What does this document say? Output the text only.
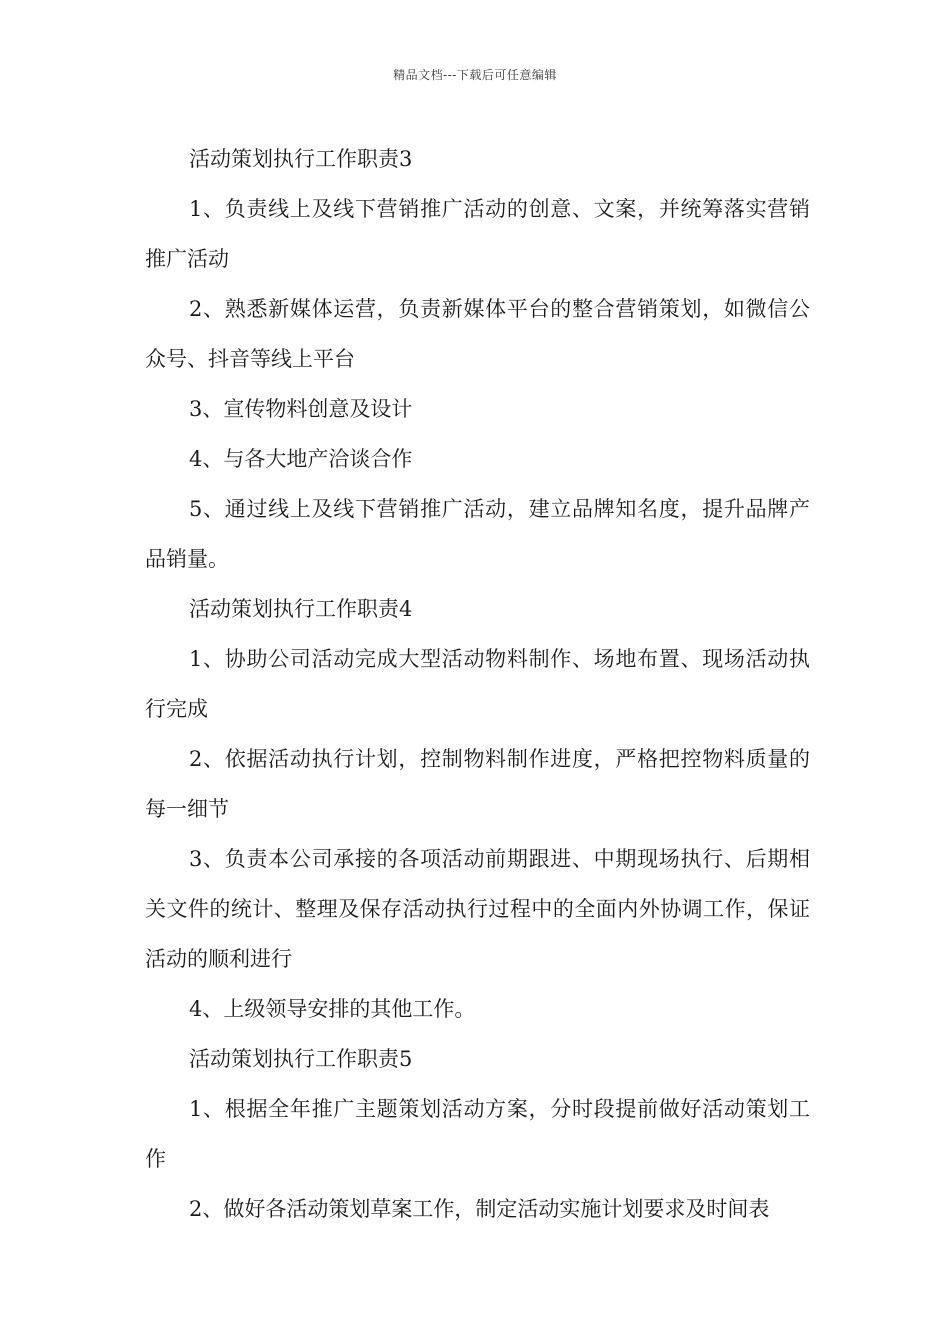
精品文档---下载后可任意编辑

活动策划执行工作职责3

1、负责线上及线下营销推广活动的创意、文案，并统筹落实营销推广活动

2、熟悉新媒体运营，负责新媒体平台的整合营销策划，如微信公众号、抖音等线上平台

3、宣传物料创意及设计

4、与各大地产洽谈合作

5、通过线上及线下营销推广活动，建立品牌知名度，提升品牌产品销量。

活动策划执行工作职责4

1、协助公司活动完成大型活动物料制作、场地布置、现场活动执行完成

2、依据活动执行计划，控制物料制作进度，严格把控物料质量的每一细节

3、负责本公司承接的各项活动前期跟进、中期现场执行、后期相关文件的统计、整理及保存活动执行过程中的全面内外协调工作，保证活动的顺利进行

4、上级领导安排的其他工作。

活动策划执行工作职责5

1、根据全年推广主题策划活动方案，分时段提前做好活动策划工作

2、做好各活动策划草案工作，制定活动实施计划要求及时间表
